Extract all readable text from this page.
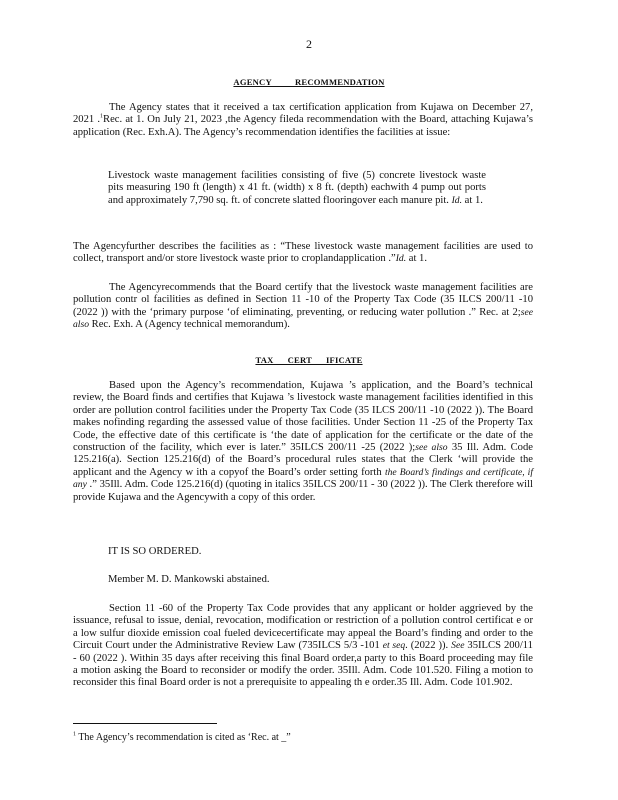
2
AGENCY          RECOMMENDATION

The Agency states that it received a tax certification application from Kujawa on December 27, 2021 .$^1$Rec. at 1. On July 21, 2023 ,the Agency fileda recommendation with the Board, attaching Kujawa’s application (Rec. Exh.A). The Agency’s recommendation identifies the facilities at issue:

Livestock waste management facilities consisting of five (5) concrete livestock waste pits measuring 190 ft (length) x 41 ft. (width) x 8 ft. (depth) eachwith 4 pump out ports and approximately 7,790 sq. ft. of concrete slatted flooringover each manure pit. Id. at 1.

The Agencyfurther describes the facilities as : “These livestock waste management facilities are used to collect, transport and/or store livestock waste prior to croplandapplication .”Id. at 1.

The Agencyrecommends that the Board certify that the livestock waste management facilities are pollution contr ol facilities as defined in Section 11 -10 of the Property Tax Code (35 ILCS 200/11 -10 (2022 )) with the ‘primary purpose ‘of eliminating, preventing, or reducing water pollution .” Rec. at 2;see also Rec. Exh. A (Agency technical memorandum).

TAX      CERT      IFICATE

Based upon the Agency’s recommendation, Kujawa ’s application, and the Board’s technical review, the Board finds and certifies that Kujawa ’s livestock waste management facilities identified in this order are pollution control facilities under the Property Tax Code (35 ILCS 200/11 -10 (2022 )). The Board makes nofinding regarding the assessed value of those facilities. Under Section 11 -25 of the Property Tax Code, the effective date of this certificate is ‘the date of application for the certificate or the date of the construction of the facility, which ever is later.” 35ILCS 200/11 -25 (2022 );see also 35 Ill. Adm. Code 125.216(a). Section 125.216(d) of the Board’s procedural rules states that the Clerk ‘will provide the applicant and the Agency w ith a copyof the Board’s order setting forth the Board’s findings and certificate, if any .” 35Ill. Adm. Code 125.216(d) (quoting in italics 35ILCS 200/11 - 30 (2022 )). The Clerk therefore will provide Kujawa and the Agencywith a copy of this order.

IT IS SO ORDERED.

Member M. D. Mankowski abstained.

Section 11 -60 of the Property Tax Code provides that any applicant or holder aggrieved by the issuance, refusal to issue, denial, revocation, modification or restriction of a pollution control certificat e or a low sulfur dioxide emission coal fueled devicecertificate may appeal the Board’s finding and order to the Circuit Court under the Administrative Review Law (735ILCS 5/3 -101 et seq. (2022 )). See 35ILCS 200/11 - 60 (2022 ). Within 35 days after receiving this final Board order,a party to this Board proceeding may file a motion asking the Board to reconsider or modify the order. 35Ill. Adm. Code 101.520. Filing a motion to reconsider this final Board order is not a prerequisite to appealing th e order.35 Ill. Adm. Code 101.902.

$^1$ The Agency’s recommendation is cited as ‘Rec. at _”
